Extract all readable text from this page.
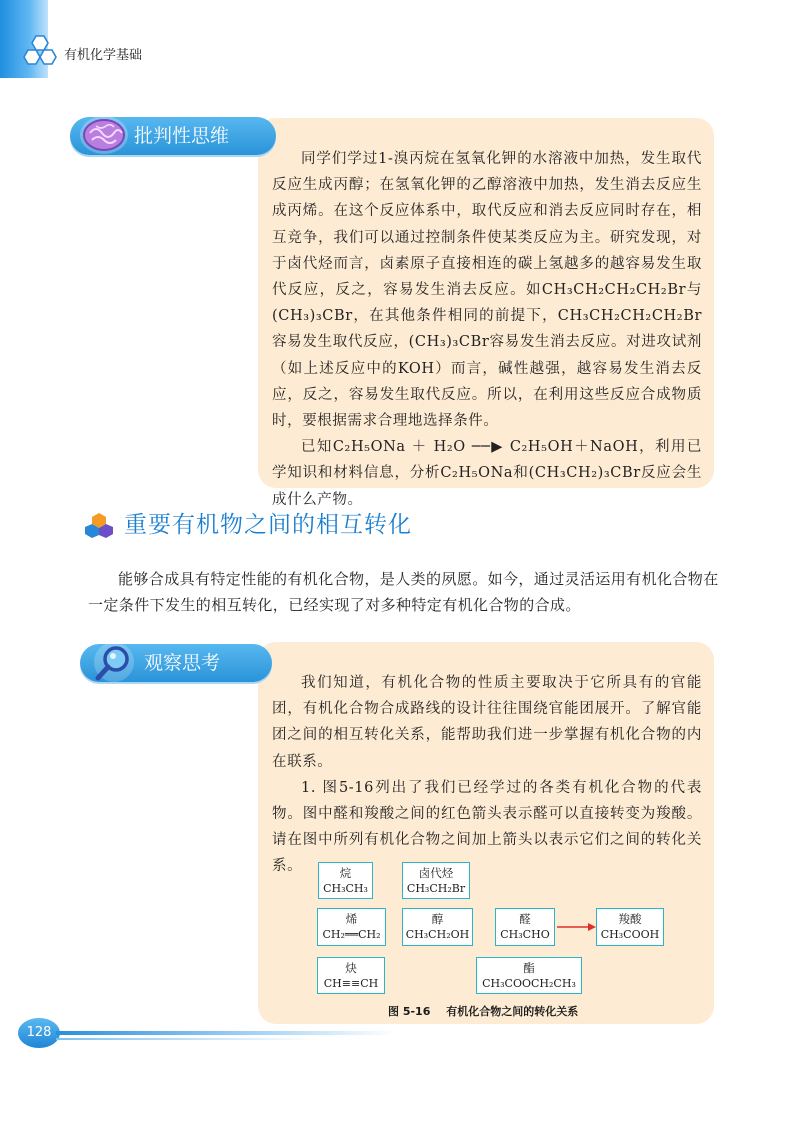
有机化学基础
批判性思维

同学们学过1-溴丙烷在氢氧化钾的水溶液中加热，发生取代反应生成丙醇；在氢氧化钾的乙醇溶液中加热，发生消去反应生成丙烯。在这个反应体系中，取代反应和消去反应同时存在，相互竞争，我们可以通过控制条件使某类反应为主。研究发现，对于卤代烃而言，卤素原子直接相连的碳上氢越多的越容易发生取代反应，反之，容易发生消去反应。如CH₃CH₂CH₂CH₂Br与(CH₃)₃CBr，在其他条件相同的前提下，CH₃CH₂CH₂CH₂Br容易发生取代反应，(CH₃)₃CBr容易发生消去反应。对进攻试剂（如上述反应中的KOH）而言，碱性越强，越容易发生消去反应，反之，容易发生取代反应。所以，在利用这些反应合成物质时，要根据需求合理地选择条件。

已知C₂H₅ONa ＋ H₂O ──▶ C₂H₅OH＋NaOH，利用已学知识和材料信息，分析C₂H₅ONa和(CH₃CH₂)₃CBr反应会生成什么产物。

重要有机物之间的相互转化
能够合成具有特定性能的有机化合物，是人类的夙愿。如今，通过灵活运用有机化合物在一定条件下发生的相互转化，已经实现了对多种特定有机化合物的合成。
观察思考

我们知道，有机化合物的性质主要取决于它所具有的官能团，有机化合物合成路线的设计往往围绕官能团展开。了解官能团之间的相互转化关系，能帮助我们进一步掌握有机化合物的内在联系。

1. 图5-16列出了我们已经学过的各类有机化合物的代表物。图中醛和羧酸之间的红色箭头表示醛可以直接转变为羧酸。请在图中所列有机化合物之间加上箭头以表示它们之间的转化关系。	烷
CH₃CH₃
卤代烃
CH₃CH₂Br
烯
CH₂══CH₂
醇
CH₃CH₂OH
醛
CH₃CHO
羧酸
CH₃COOH
炔
CH≡≡CH
酯
CH₃COOCH₂CH₃
图 5-16 有机化合物之间的转化关系
128
